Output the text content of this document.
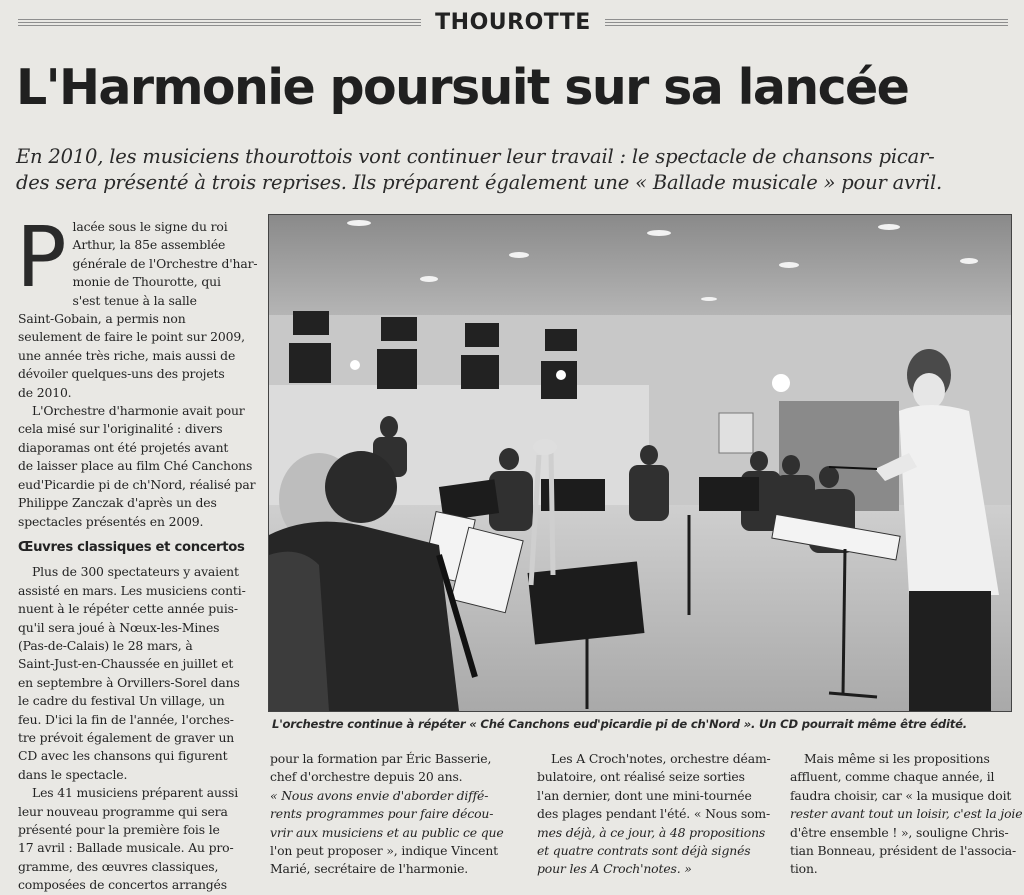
THOUROTTE
L'Harmonie poursuit sur sa lancée
En 2010, les musiciens thourottois vont continuer leur travail : le spectacle de chansons picar-
des sera présenté à trois reprises. Ils préparent également une « Ballade musicale » pour avril.
P lacée sous le signe du roi
Arthur, la 85e assemblée
générale de l'Orchestre d'har-
monie de Thourotte, qui
s'est tenue à la salle
Saint-Gobain, a permis non
seulement de faire le point sur 2009,
une année très riche, mais aussi de
dévoiler quelques-uns des projets
de 2010.
L'Orchestre d'harmonie avait pour
cela misé sur l'originalité : divers
diaporamas ont été projetés avant
de laisser place au film Ché Canchons
eud'Picardie pi de ch'Nord, réalisé par
Philippe Zanczak d'après un des
spectacles présentés en 2009.
Œuvres classiques et concertos
Plus de 300 spectateurs y avaient
assisté en mars. Les musiciens conti-
nuent à le répéter cette année puis-
qu'il sera joué à Nœux-les-Mines
(Pas-de-Calais) le 28 mars, à
Saint-Just-en-Chaussée en juillet et
en septembre à Orvillers-Sorel dans
le cadre du festival Un village, un
feu. D'ici la fin de l'année, l'orches-
tre prévoit également de graver un
CD avec les chansons qui figurent
dans le spectacle.
Les 41 musiciens préparent aussi
leur nouveau programme qui sera
présenté pour la première fois le
17 avril : Ballade musicale. Au pro-
gramme, des œuvres classiques,
composées de concertos arrangés
L'orchestre continue à répéter « Ché Canchons eud'picardie pi de ch'Nord ». Un CD pourrait même être édité.
pour la formation par Éric Basserie,
chef d'orchestre depuis 20 ans.
« Nous avons envie d'aborder diffé-
rents programmes pour faire décou-
vrir aux musiciens et au public ce que
l'on peut proposer », indique Vincent
Marié, secrétaire de l'harmonie.
Les A Croch'notes, orchestre déam-
bulatoire, ont réalisé seize sorties
l'an dernier, dont une mini-tournée
des plages pendant l'été. « Nous som-
mes déjà, à ce jour, à 48 propositions
et quatre contrats sont déjà signés
pour les A Croch'notes. »
Mais même si les propositions
affluent, comme chaque année, il
faudra choisir, car « la musique doit
rester avant tout un loisir, c'est la joie
d'être ensemble ! », souligne Chris-
tian Bonneau, président de l'associa-
tion.
